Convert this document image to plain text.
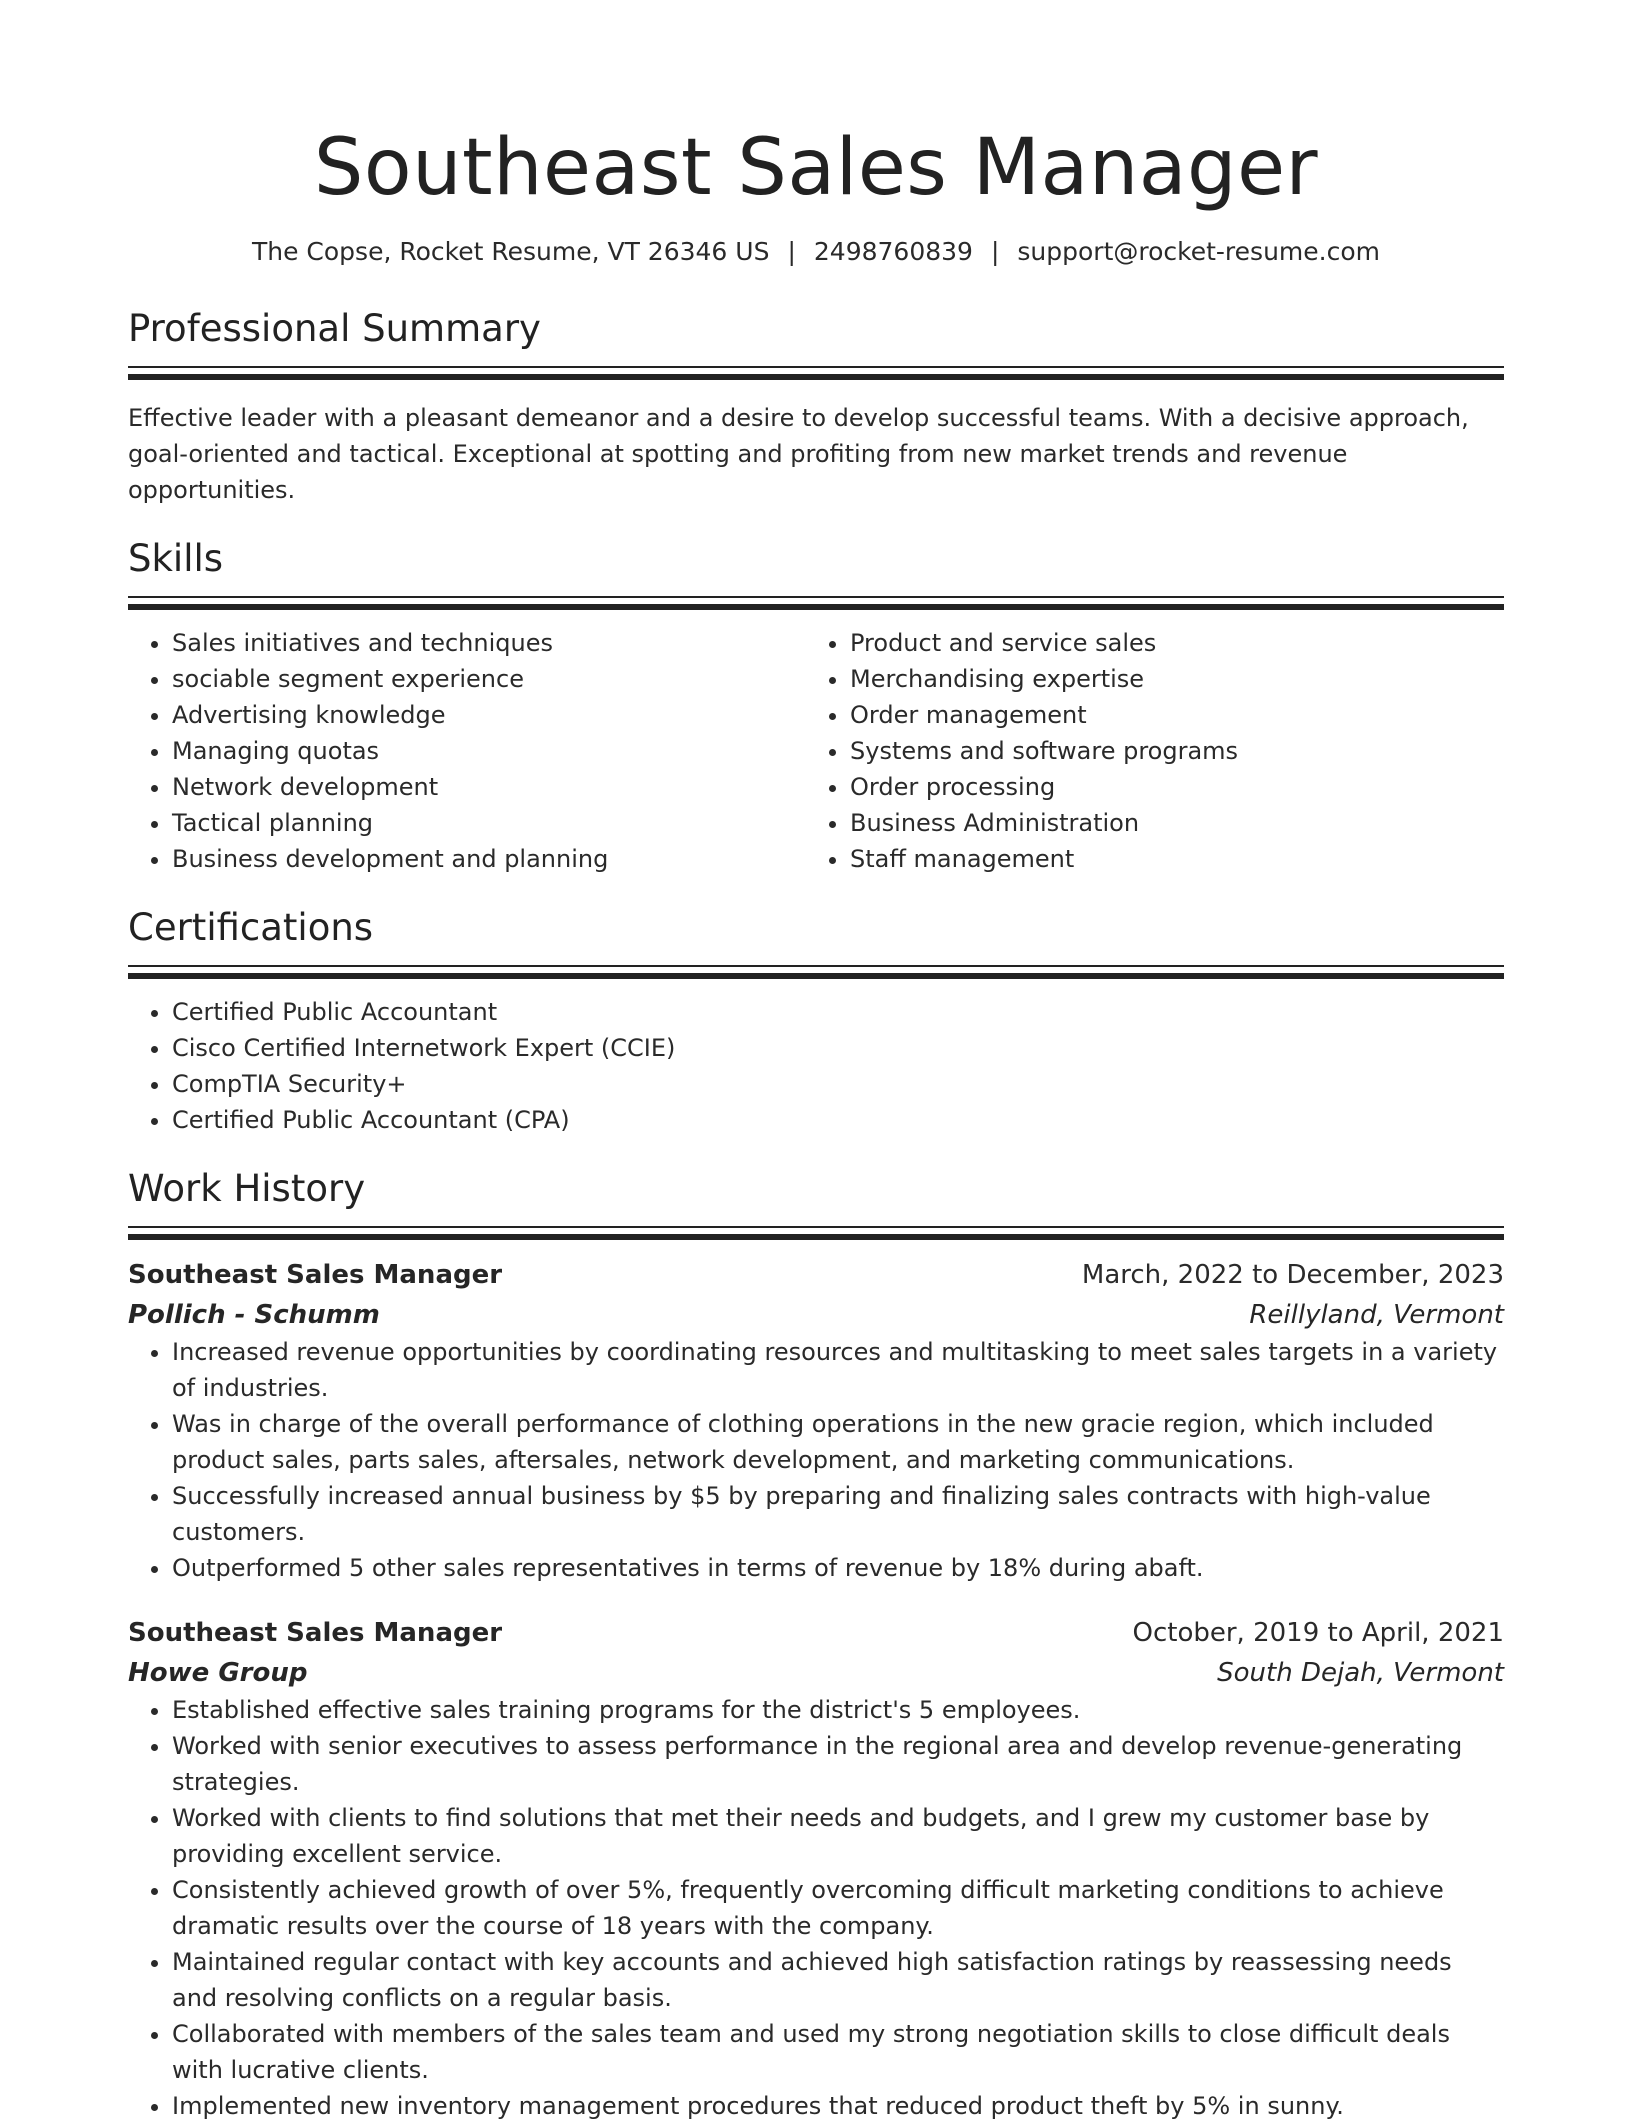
Southeast Sales Manager
The Copse, Rocket Resume, VT 26346 US | 2498760839 | support@rocket-resume.com
Professional Summary

Effective leader with a pleasant demeanor and a desire to develop successful teams. With a decisive approach, goal-oriented and tactical. Exceptional at spotting and profiting from new market trends and revenue opportunities.

Skills
• Sales initiatives and techniques
• sociable segment experience
• Advertising knowledge
• Managing quotas
• Network development
• Tactical planning
• Business development and planning
• Product and service sales
• Merchandising expertise
• Order management
• Systems and software programs
• Order processing
• Business Administration
• Staff management
Certifications
• Certified Public Accountant
• Cisco Certified Internetwork Expert (CCIE)
• CompTIA Security+
• Certified Public Accountant (CPA)
Work History
Southeast Sales Manager	March, 2022 to December, 2023
Pollich - Schumm	Reillyland, Vermont
• Increased revenue opportunities by coordinating resources and multitasking to meet sales targets in a variety of industries.
• Was in charge of the overall performance of clothing operations in the new gracie region, which included product sales, parts sales, aftersales, network development, and marketing communications.
• Successfully increased annual business by $5 by preparing and finalizing sales contracts with high-value customers.
• Outperformed 5 other sales representatives in terms of revenue by 18% during abaft.
Southeast Sales Manager	October, 2019 to April, 2021
Howe Group	South Dejah, Vermont
• Established effective sales training programs for the district's 5 employees.
• Worked with senior executives to assess performance in the regional area and develop revenue-generating strategies.
• Worked with clients to find solutions that met their needs and budgets, and I grew my customer base by providing excellent service.
• Consistently achieved growth of over 5%, frequently overcoming difficult marketing conditions to achieve dramatic results over the course of 18 years with the company.
• Maintained regular contact with key accounts and achieved high satisfaction ratings by reassessing needs and resolving conflicts on a regular basis.
• Collaborated with members of the sales team and used my strong negotiation skills to close difficult deals with lucrative clients.
• Implemented new inventory management procedures that reduced product theft by 5% in sunny.
